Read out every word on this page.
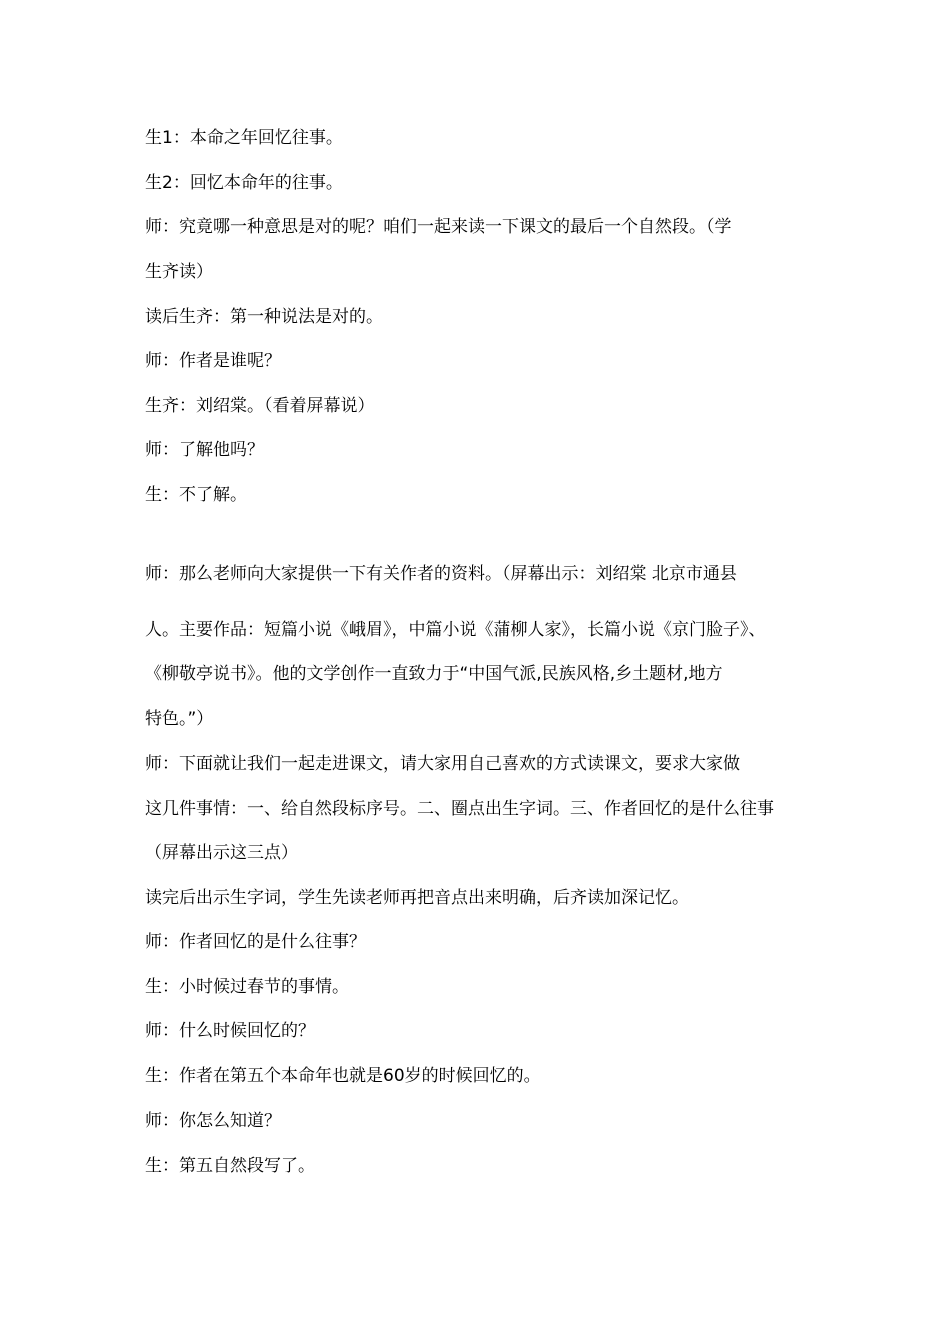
生1：本命之年回忆往事。
生2：回忆本命年的往事。
师：究竟哪一种意思是对的呢？咱们一起来读一下课文的最后一个自然段。（学
生齐读）
读后生齐：第一种说法是对的。
师：作者是谁呢？
生齐：刘绍棠。（看着屏幕说）
师：了解他吗？
生：不了解。
师：那么老师向大家提供一下有关作者的资料。（屏幕出示：刘绍棠 北京市通县
人。主要作品：短篇小说《峨眉》，中篇小说《蒲柳人家》，长篇小说《京门脸子》、
《柳敬亭说书》。他的文学创作一直致力于“中国气派,民族风格,乡土题材,地方
特色。”）
师：下面就让我们一起走进课文，请大家用自己喜欢的方式读课文，要求大家做
这几件事情：一、给自然段标序号。二、圈点出生字词。三、作者回忆的是什么往事
（屏幕出示这三点）
读完后出示生字词，学生先读老师再把音点出来明确，后齐读加深记忆。
师：作者回忆的是什么往事？
生：小时候过春节的事情。
师：什么时候回忆的？
生：作者在第五个本命年也就是60岁的时候回忆的。
师：你怎么知道？
生：第五自然段写了。
